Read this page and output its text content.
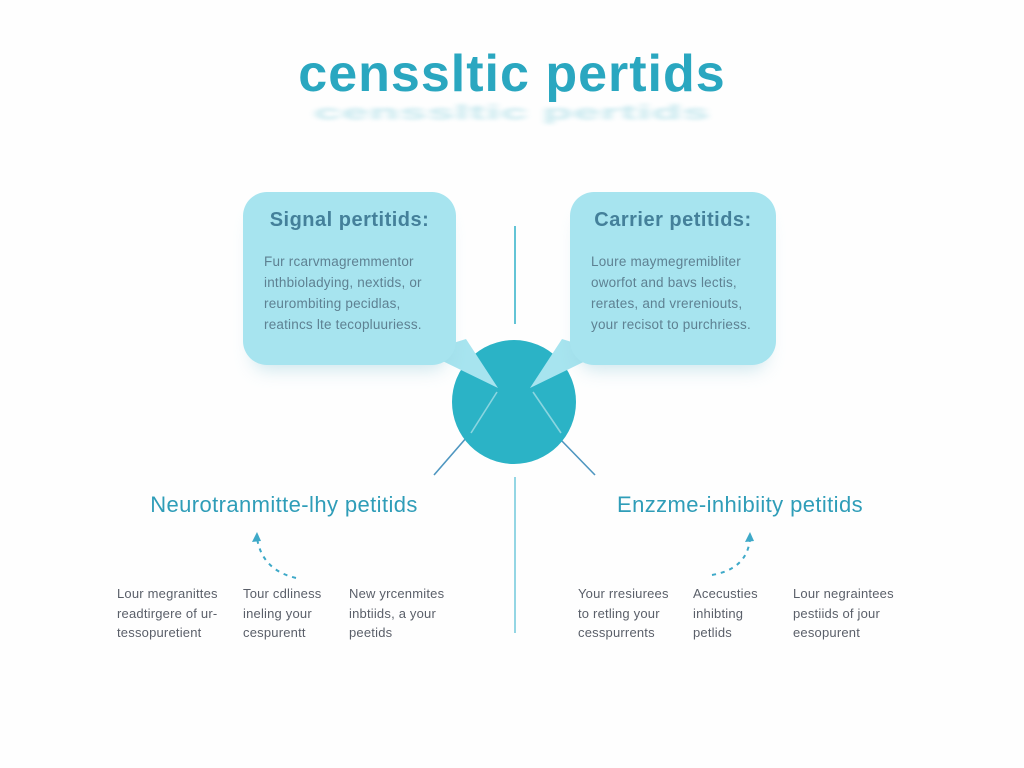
censsltic pertids
censsltic pertids
Signal pertitids:
Fur rcarvmagremmentor
inthbioladying, nextids, or
reurombiting pecidlas,
reatincs lte tecopluuriess.
Carrier petitids:
Loure maymegremibliter
oworfot and bavs lectis,
rerates, and vrereniouts,
your recisot to purchriess.
Neurotranmitte-lhy petitids	Enzzme-inhibiity petitids
Lour megranittes
readtirgere of ur-
tessopuretient
Tour cdliness
ineling your
cespurentt
New yrcenmites
inbtiids, a your
peetids
Your rresiurees
to retling your
cesspurrents
Acecusties
inhibting
petlids
Lour negraintees
pestiids of jour
eesopurent
